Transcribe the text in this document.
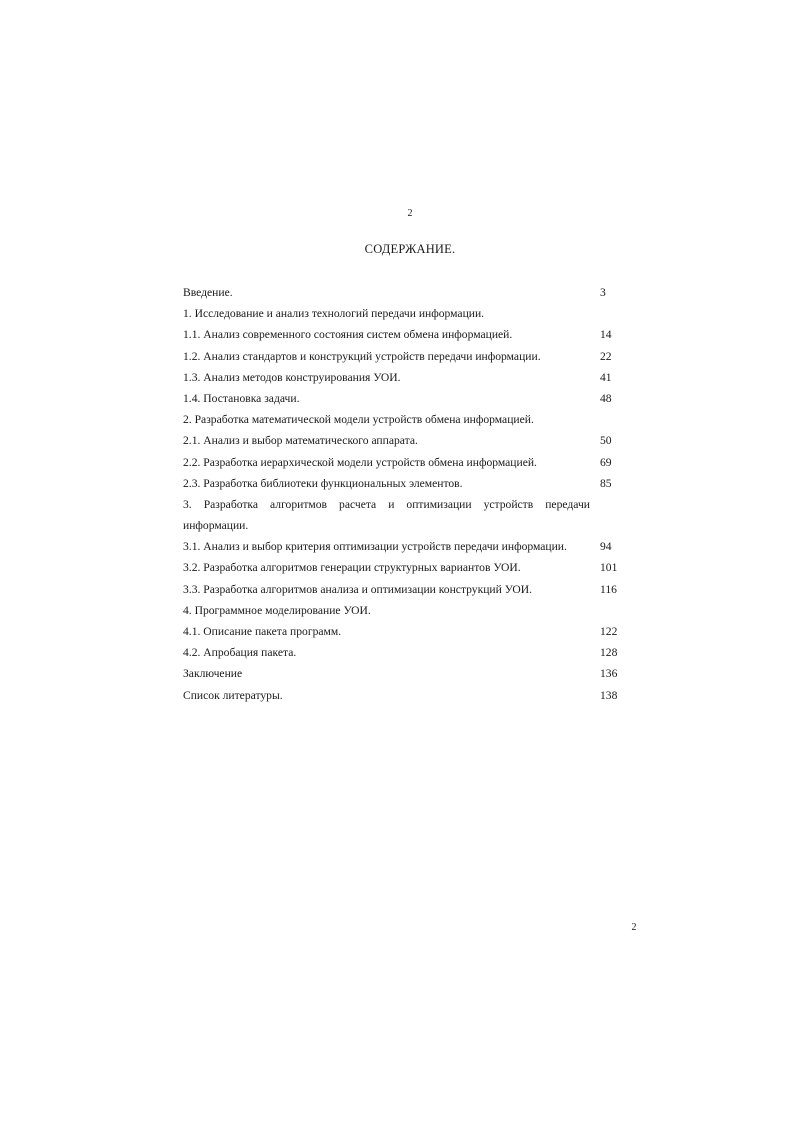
2
СОДЕРЖАНИЕ.
Введение.	3
1. Исследование и анализ технологий передачи информации.
1.1. Анализ современного состояния систем обмена информацией.	14
1.2. Анализ стандартов и конструкций устройств передачи информации.	22
1.3. Анализ методов конструирования УОИ.	41
1.4. Постановка задачи.	48
2. Разработка математической модели устройств обмена информацией.
2.1. Анализ и выбор математического аппарата.	50
2.2. Разработка иерархической модели устройств обмена информацией.	69
2.3. Разработка библиотеки функциональных элементов.	85
3. Разработка алгоритмов расчета и оптимизации устройств передачи информации.
3.1. Анализ и выбор критерия оптимизации устройств передачи информации.	94
3.2. Разработка алгоритмов генерации структурных вариантов УОИ.	101
3.3. Разработка алгоритмов анализа и оптимизации конструкций УОИ.	116
4. Программное моделирование УОИ.
4.1. Описание пакета программ.	122
4.2. Апробация пакета.	128
Заключение	136
Список литературы.	138
2
